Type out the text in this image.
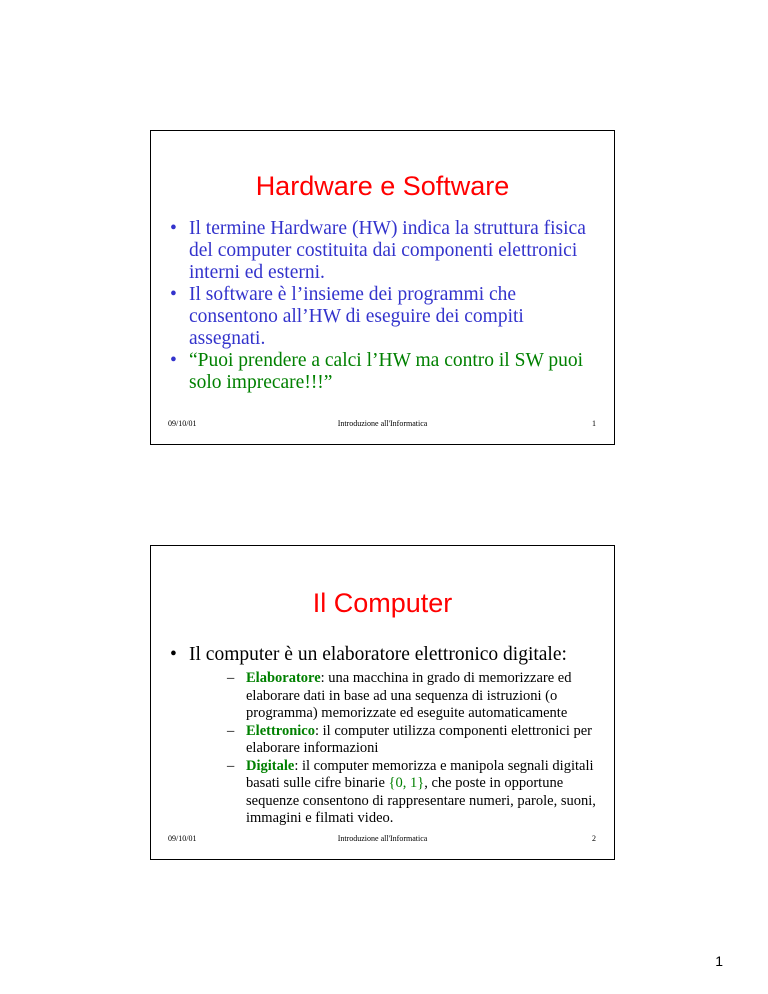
Hardware e Software
• Il termine Hardware (HW) indica la struttura fisica del computer costituita dai componenti elettronici interni ed esterni.
• Il software è l’insieme dei programmi che consentono all’HW di eseguire dei compiti assegnati.
• “Puoi prendere a calci l’HW ma contro il SW puoi solo imprecare!!!”
09/10/01	Introduzione all'Informatica	1
Il Computer
• Il computer è un elaboratore elettronico digitale:
– Elaboratore: una macchina in grado di memorizzare ed elaborare dati in base ad una sequenza di istruzioni (o programma) memorizzate ed eseguite automaticamente
– Elettronico: il computer utilizza componenti elettronici per elaborare informazioni
– Digitale: il computer memorizza e manipola segnali digitali basati sulle cifre binarie {0, 1}, che poste in opportune sequenze consentono di rappresentare numeri, parole, suoni, immagini e filmati video.
09/10/01	Introduzione all'Informatica	2
1
